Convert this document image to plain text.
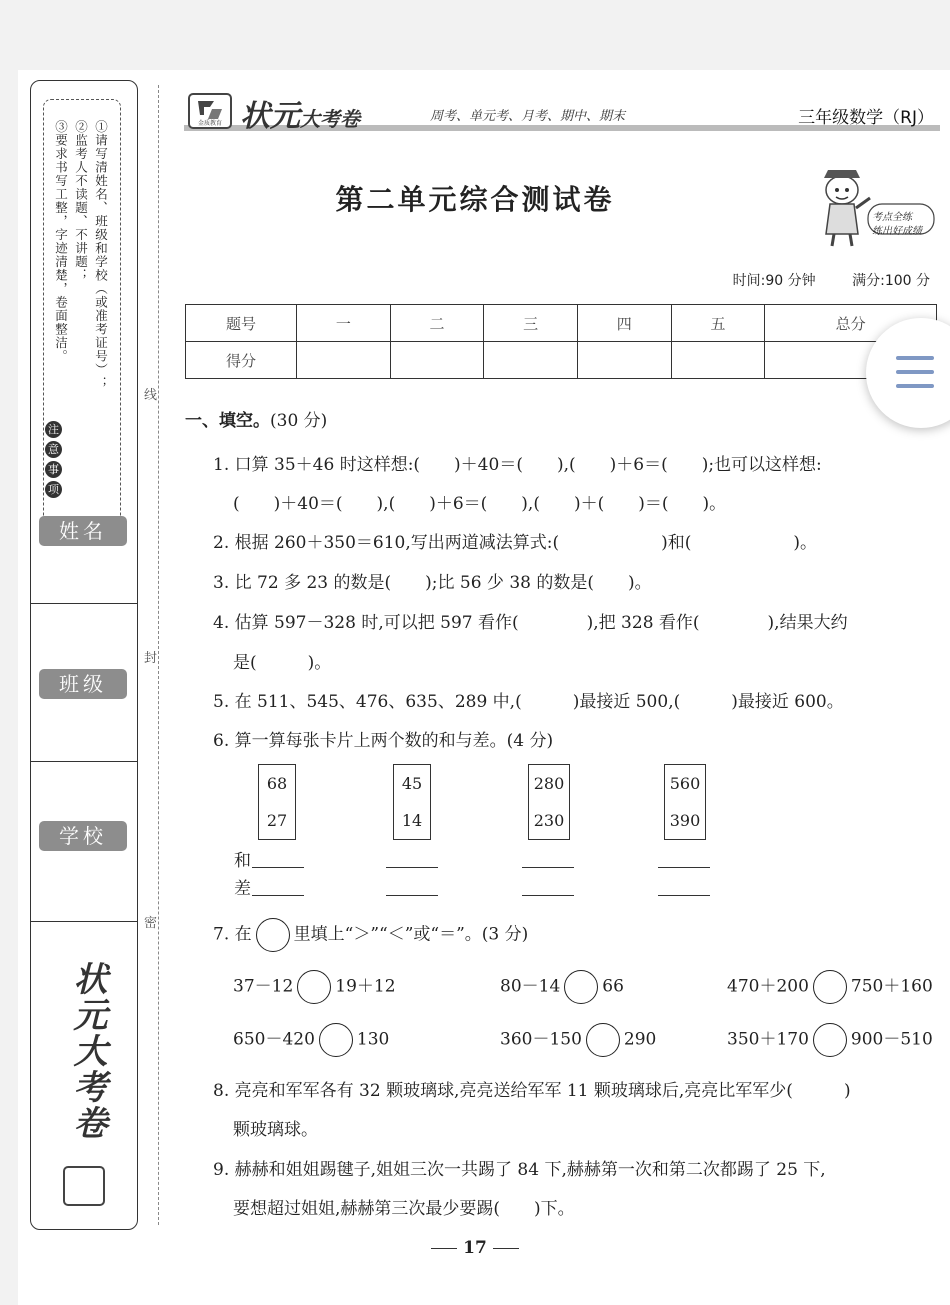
①请写清姓名、班级和学校（或准考证号）；
②监考人不读题、不讲题；
③要求书写工整，字迹清楚，卷面整洁。
注
意
事
项
姓名
班级
学校
状元大考卷
线
封
密
金质教育 状元大考卷	周考、单元考、月考、期中、期末	三年级数学（RJ）
第二单元综合测试卷
考点全练
练出好成绩
时间:90 分钟	满分:100 分
题号	一	二	三	四	五	总分
得分						
一、填空。(30 分)
1. 口算 35＋46 时这样想:(　　)＋40＝(　　),(　　)＋6＝(　　);也可以这样想:
(　　)＋40＝(　　),(　　)＋6＝(　　),(　　)＋(　　)＝(　　)。
2. 根据 260＋350＝610,写出两道减法算式:(　　　　　　)和(　　　　　　)。
3. 比 72 多 23 的数是(　　);比 56 少 38 的数是(　　)。
4. 估算 597－328 时,可以把 597 看作(　　　　),把 328 看作(　　　　),结果大约
是(　　　)。
5. 在 511、545、476、635、289 中,(　　　)最接近 500,(　　　)最接近 600。
6. 算一算每张卡片上两个数的和与差。(4 分)
68
27
45
14
280
230
560
390
和
差
7. 在 里填上“＞”“＜”或“＝”。(3 分)
37－12 19＋12	80－14 66	470＋200 750＋160
650－420 130	360－150 290	350＋170 900－510
8. 亮亮和军军各有 32 颗玻璃球,亮亮送给军军 11 颗玻璃球后,亮亮比军军少(　　　)
颗玻璃球。
9. 赫赫和姐姐踢毽子,姐姐三次一共踢了 84 下,赫赫第一次和第二次都踢了 25 下,
要想超过姐姐,赫赫第三次最少要踢(　　)下。
17
